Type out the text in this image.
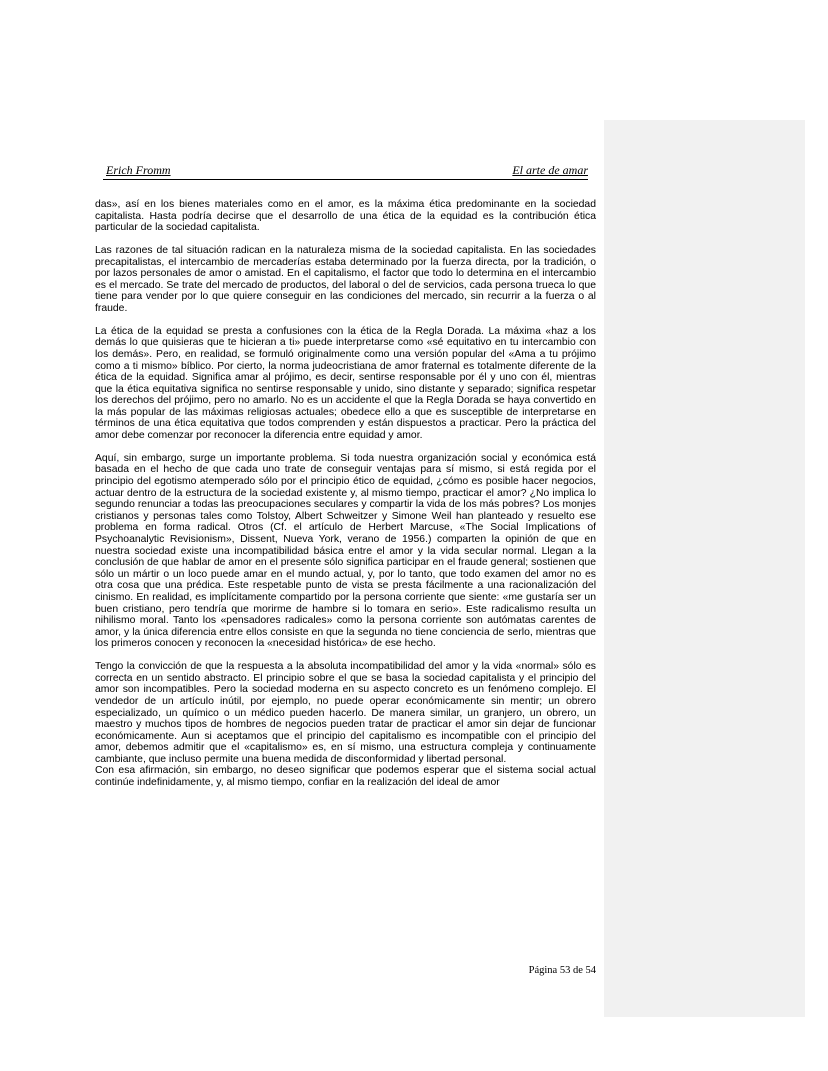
Erich Fromm	El arte de amar

das», así en los bienes materiales como en el amor, es la máxima ética predominante en la sociedad capitalista. Hasta podría decirse que el desarrollo de una ética de la equidad es la contribución ética particular de la sociedad capitalista.

Las razones de tal situación radican en la naturaleza misma de la sociedad capitalista. En las sociedades precapitalistas, el intercambio de mercaderías estaba determinado por la fuerza directa, por la tradición, o por lazos personales de amor o amistad. En el capitalismo, el factor que todo lo determina en el intercambio es el mercado. Se trate del mercado de productos, del laboral o del de servicios, cada persona trueca lo que tiene para vender por lo que quiere conseguir en las condiciones del mercado, sin recurrir a la fuerza o al fraude.

La ética de la equidad se presta a confusiones con la ética de la Regla Dorada. La máxima «haz a los demás lo que quisieras que te hicieran a ti» puede interpretarse como «sé equitativo en tu intercambio con los demás». Pero, en realidad, se formuló originalmente como una versión popular del «Ama a tu prójimo como a ti mismo» bíblico. Por cierto, la norma judeocristiana de amor fraternal es totalmente diferente de la ética de la equidad. Significa amar al prójimo, es decir, sentirse responsable por él y uno con él, mientras que la ética equitativa significa no sentirse responsable y unido, sino distante y separado; significa respetar los derechos del prójimo, pero no amarlo. No es un accidente el que la Regla Dorada se haya convertido en la más popular de las máximas religiosas actuales; obedece ello a que es susceptible de interpretarse en términos de una ética equitativa que todos comprenden y están dispuestos a practicar. Pero la práctica del amor debe comenzar por reconocer la diferencia entre equidad y amor.

Aquí, sin embargo, surge un importante problema. Si toda nuestra organización social y económica está basada en el hecho de que cada uno trate de conseguir ventajas para sí mismo, si está regida por el principio del egotismo atemperado sólo por el principio ético de equidad, ¿cómo es posible hacer negocios, actuar dentro de la estructura de la sociedad existente y, al mismo tiempo, practicar el amor? ¿No implica lo segundo renunciar a todas las preocupaciones seculares y compartir la vida de los más pobres? Los monjes cristianos y personas tales como Tolstoy, Albert Schweitzer y Simone Weil han planteado y resuelto ese problema en forma radical. Otros (Cf. el artículo de Herbert Marcuse, «The Social Implications of Psychoanalytic Revisionism», Dissent, Nueva York, verano de 1956.) comparten la opinión de que en nuestra sociedad existe una incompatibilidad básica entre el amor y la vida secular normal. Llegan a la conclusión de que hablar de amor en el presente sólo significa participar en el fraude general; sostienen que sólo un mártir o un loco puede amar en el mundo actual, y, por lo tanto, que todo examen del amor no es otra cosa que una prédica. Este respetable punto de vista se presta fácilmente a una racionalización del cinismo. En realidad, es implícitamente compartido por la persona corriente que siente: «me gustaría ser un buen cristiano, pero tendría que morirme de hambre si lo tomara en serio». Este radicalismo resulta un nihilismo moral. Tanto los «pensadores radicales» como la persona corriente son autómatas carentes de amor, y la única diferencia entre ellos consiste en que la segunda no tiene conciencia de serlo, mientras que los primeros conocen y reconocen la «necesidad histórica» de ese hecho.

Tengo la convicción de que la respuesta a la absoluta incompatibilidad del amor y la vida «normal» sólo es correcta en un sentido abstracto. El principio sobre el que se basa la sociedad capitalista y el principio del amor son incompatibles. Pero la sociedad moderna en su aspecto concreto es un fenómeno complejo. El vendedor de un artículo inútil, por ejemplo, no puede operar económicamente sin mentir; un obrero especializado, un químico o un médico pueden hacerlo. De manera similar, un granjero, un obrero, un maestro y muchos tipos de hombres de negocios pueden tratar de practicar el amor sin dejar de funcionar económicamente. Aun si aceptamos que el principio del capitalismo es incompatible con el principio del amor, debemos admitir que el «capitalismo» es, en sí mismo, una estructura compleja y continuamente cambiante, que incluso permite una buena medida de disconformidad y libertad personal.

Con esa afirmación, sin embargo, no deseo significar que podemos esperar que el sistema social actual continúe indefinidamente, y, al mismo tiempo, confiar en la realización del ideal de amor

Página 53 de 54
